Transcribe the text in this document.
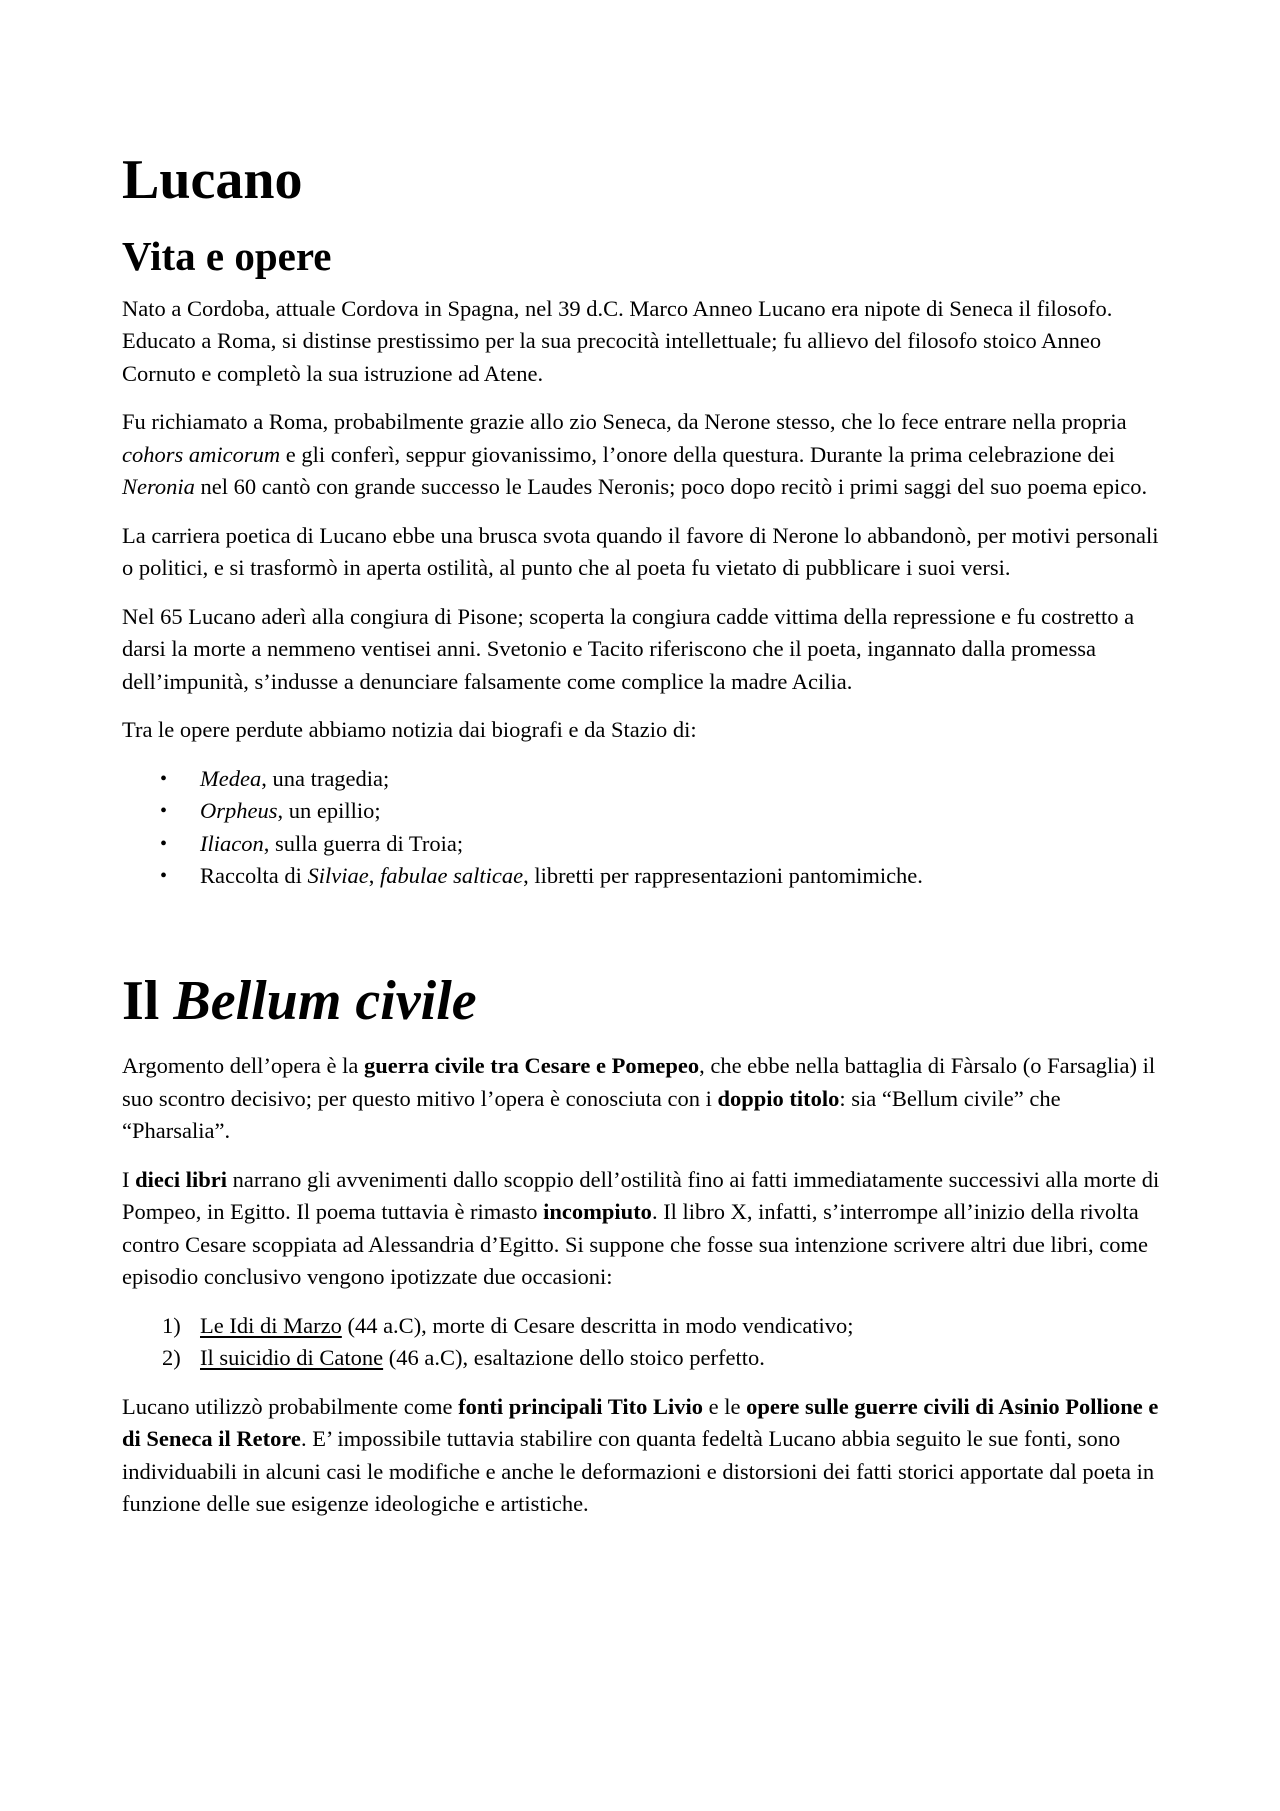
Lucano
Vita e opere

Nato a Cordoba, attuale Cordova in Spagna, nel 39 d.C. Marco Anneo Lucano era nipote di Seneca il filosofo. Educato a Roma, si distinse prestissimo per la sua precocità intellettuale; fu allievo del filosofo stoico Anneo Cornuto e completò la sua istruzione ad Atene.

Fu richiamato a Roma, probabilmente grazie allo zio Seneca, da Nerone stesso, che lo fece entrare nella propria cohors amicorum e gli conferì, seppur giovanissimo, l’onore della questura. Durante la prima celebrazione dei Neronia nel 60 cantò con grande successo le Laudes Neronis; poco dopo recitò i primi saggi del suo poema epico.

La carriera poetica di Lucano ebbe una brusca svota quando il favore di Nerone lo abbandonò, per motivi personali o politici, e si trasformò in aperta ostilità, al punto che al poeta fu vietato di pubblicare i suoi versi.

Nel 65 Lucano aderì alla congiura di Pisone; scoperta la congiura cadde vittima della repressione e fu costretto a darsi la morte a nemmeno ventisei anni. Svetonio e Tacito riferiscono che il poeta, ingannato dalla promessa dell’impunità, s’indusse a denunciare falsamente come complice la madre Acilia.

Tra le opere perdute abbiamo notizia dai biografi e da Stazio di:

• Medea, una tragedia;
• Orpheus, un epillio;
• Iliacon, sulla guerra di Troia;
• Raccolta di Silviae, fabulae salticae, libretti per rappresentazioni pantomimiche.
Il Bellum civile

Argomento dell’opera è la guerra civile tra Cesare e Pomepeo, che ebbe nella battaglia di Fàrsalo (o Farsaglia) il suo scontro decisivo; per questo mitivo l’opera è conosciuta con i doppio titolo: sia “Bellum civile” che “Pharsalia”.

I dieci libri narrano gli avvenimenti dallo scoppio dell’ostilità fino ai fatti immediatamente successivi alla morte di Pompeo, in Egitto. Il poema tuttavia è rimasto incompiuto. Il libro X, infatti, s’interrompe all’inizio della rivolta contro Cesare scoppiata ad Alessandria d’Egitto. Si suppone che fosse sua intenzione scrivere altri due libri, come episodio conclusivo vengono ipotizzate due occasioni:

1) Le Idi di Marzo (44 a.C), morte di Cesare descritta in modo vendicativo;
2) Il suicidio di Catone (46 a.C), esaltazione dello stoico perfetto.

Lucano utilizzò probabilmente come fonti principali Tito Livio e le opere sulle guerre civili di Asinio Pollione e di Seneca il Retore. E’ impossibile tuttavia stabilire con quanta fedeltà Lucano abbia seguito le sue fonti, sono individuabili in alcuni casi le modifiche e anche le deformazioni e distorsioni dei fatti storici apportate dal poeta in funzione delle sue esigenze ideologiche e artistiche.
